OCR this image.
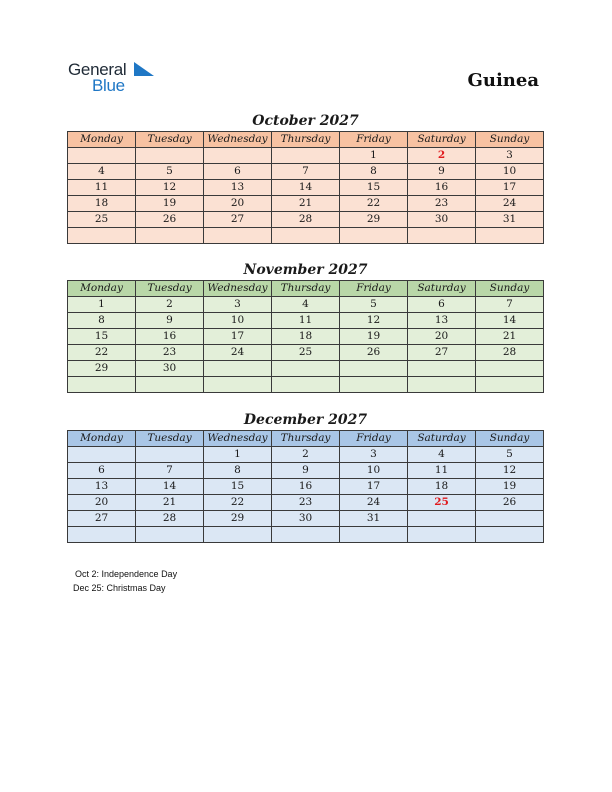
General
Blue	Guinea
October 2027
Monday	Tuesday	Wednesday	Thursday	Friday	Saturday	Sunday
				1	2	3
4	5	6	7	8	9	10
11	12	13	14	15	16	17
18	19	20	21	22	23	24
25	26	27	28	29	30	31

November 2027
Monday	Tuesday	Wednesday	Thursday	Friday	Saturday	Sunday
1	2	3	4	5	6	7
8	9	10	11	12	13	14
15	16	17	18	19	20	21
22	23	24	25	26	27	28
29	30					

December 2027
Monday	Tuesday	Wednesday	Thursday	Friday	Saturday	Sunday
		1	2	3	4	5
6	7	8	9	10	11	12
13	14	15	16	17	18	19
20	21	22	23	24	25	26
27	28	29	30	31		

Oct 2: Independence Day
Dec 25: Christmas Day
